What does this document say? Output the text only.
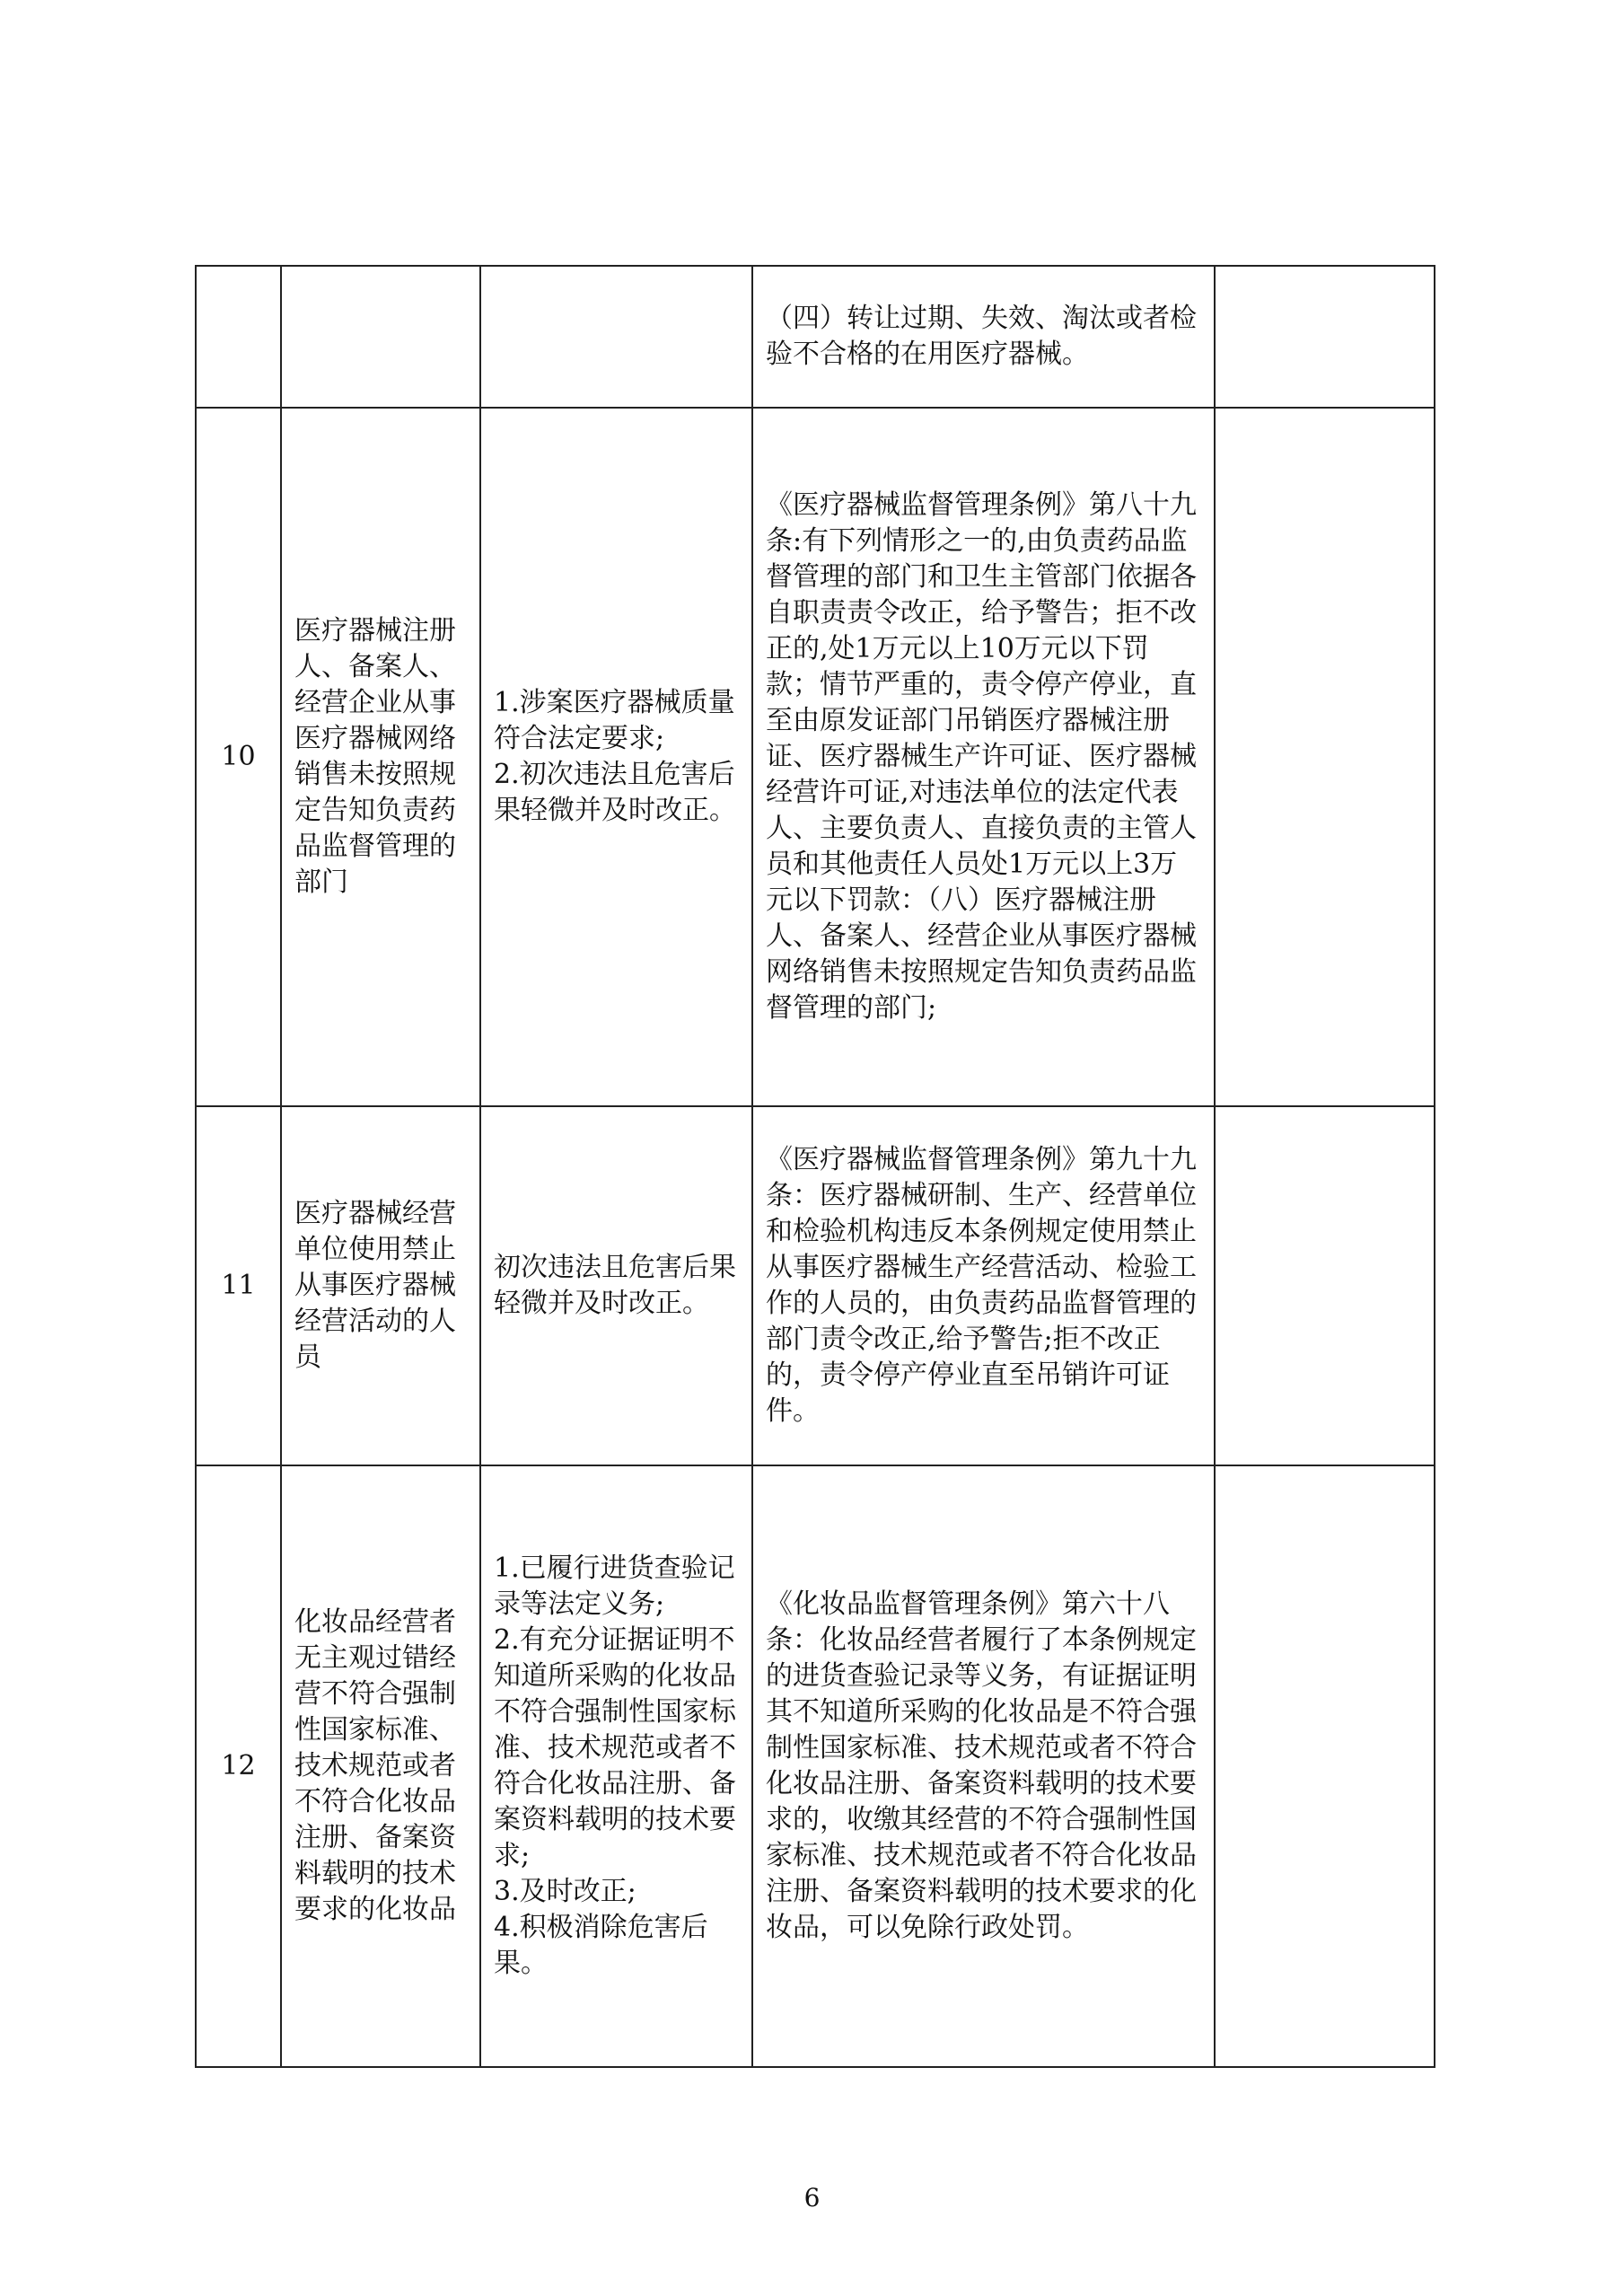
			（四）转让过期、失效、淘汰或者检验不合格的在用医疗器械。	
10	医疗器械注册人、备案人、经营企业从事医疗器械网络销售未按照规定告知负责药品监督管理的部门	1.涉案医疗器械质量符合法定要求;
2.初次违法且危害后果轻微并及时改正。	《医疗器械监督管理条例》第八十九条:有下列情形之一的,由负责药品监督管理的部门和卫生主管部门依据各自职责责令改正，给予警告；拒不改正的,处1万元以上10万元以下罚款；情节严重的，责令停产停业，直至由原发证部门吊销医疗器械注册证、医疗器械生产许可证、医疗器械经营许可证,对违法单位的法定代表人、主要负责人、直接负责的主管人员和其他责任人员处1万元以上3万元以下罚款：（八）医疗器械注册人、备案人、经营企业从事医疗器械网络销售未按照规定告知负责药品监督管理的部门;	
11	医疗器械经营单位使用禁止从事医疗器械经营活动的人员	初次违法且危害后果轻微并及时改正。	《医疗器械监督管理条例》第九十九条：医疗器械研制、生产、经营单位和检验机构违反本条例规定使用禁止从事医疗器械生产经营活动、检验工作的人员的，由负责药品监督管理的部门责令改正,给予警告;拒不改正的，责令停产停业直至吊销许可证件。	
12	化妆品经营者无主观过错经营不符合强制性国家标准、技术规范或者不符合化妆品注册、备案资料载明的技术要求的化妆品	1.已履行进货查验记录等法定义务;
2.有充分证据证明不知道所采购的化妆品不符合强制性国家标准、技术规范或者不符合化妆品注册、备案资料载明的技术要求;
3.及时改正;
4.积极消除危害后果。	《化妆品监督管理条例》第六十八条：化妆品经营者履行了本条例规定的进货查验记录等义务，有证据证明其不知道所采购的化妆品是不符合强制性国家标准、技术规范或者不符合化妆品注册、备案资料载明的技术要求的，收缴其经营的不符合强制性国家标准、技术规范或者不符合化妆品注册、备案资料载明的技术要求的化妆品，可以免除行政处罚。	
6
